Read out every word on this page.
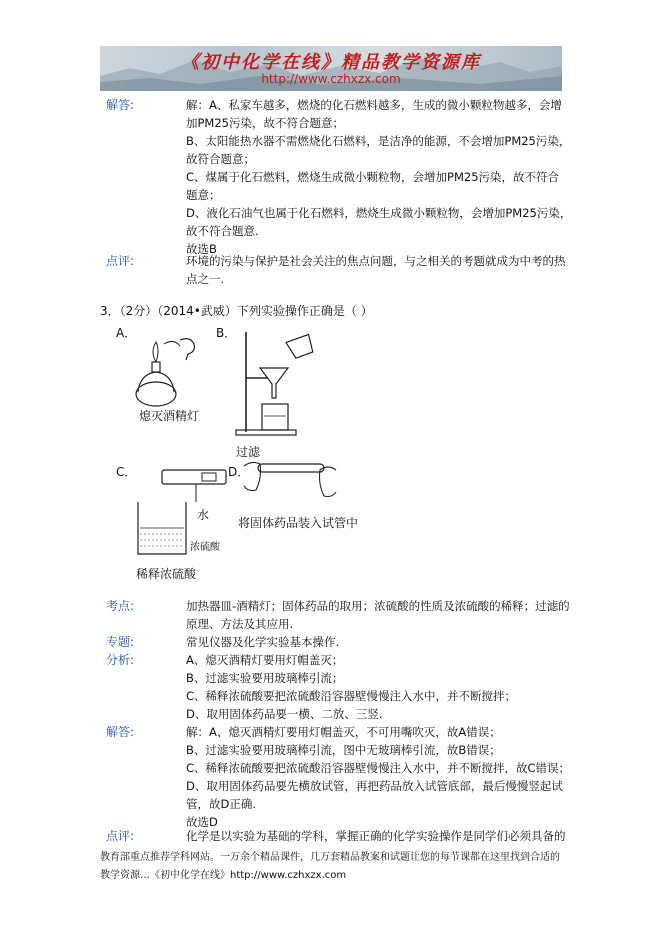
《初中化学在线》精品教学资源库
http://www.czhxzx.com
解答:	解：A、私家车越多，燃烧的化石燃料越多，生成的微小颗粒物越多，会增
加PM25污染，故不符合题意；
B、太阳能热水器不需燃烧化石燃料，是洁净的能源，不会增加PM25污染，
故符合题意；
C、煤属于化石燃料，燃烧生成微小颗粒物，会增加PM25污染，故不符合
题意；
D、液化石油气也属于化石燃料，燃烧生成微小颗粒物，会增加PM25污染，
故不符合题意.
故选B
点评:	环境的污染与保护是社会关注的焦点问题，与之相关的考题就成为中考的热
点之一.
3．（2分）（2014•武威）下列实验操作正确是（ ）
A．
熄灭酒精灯
B．
过滤
C．
水
浓硫酸
稀释浓硫酸
D．
将固体药品装入试管中
考点:	加热器皿-酒精灯；固体药品的取用；浓硫酸的性质及浓硫酸的稀释；过滤的
原理、方法及其应用.
专题:	常见仪器及化学实验基本操作.
分析:	A、熄灭酒精灯要用灯帽盖灭；
B、过滤实验要用玻璃棒引流；
C、稀释浓硫酸要把浓硫酸沿容器壁慢慢注入水中，并不断搅拌；
D、取用固体药品要一横、二放、三竖.
解答:	解：A、熄灭酒精灯要用灯帽盖灭，不可用嘴吹灭，故A错误；
B、过滤实验要用玻璃棒引流，图中无玻璃棒引流，故B错误；
C、稀释浓硫酸要把浓硫酸沿容器壁慢慢注入水中，并不断搅拌，故C错误；
D、取用固体药品要先横放试管，再把药品放入试管底部，最后慢慢竖起试
管，故D正确.
故选D
点评:	化学是以实验为基础的学科，掌握正确的化学实验操作是同学们必须具备的
教育部重点推荐学科网站。一万余个精品课件，几万套精品教案和试题让您的每节课都在这里找到合适的
教学资源…《初中化学在线》http://www.czhxzx.com
